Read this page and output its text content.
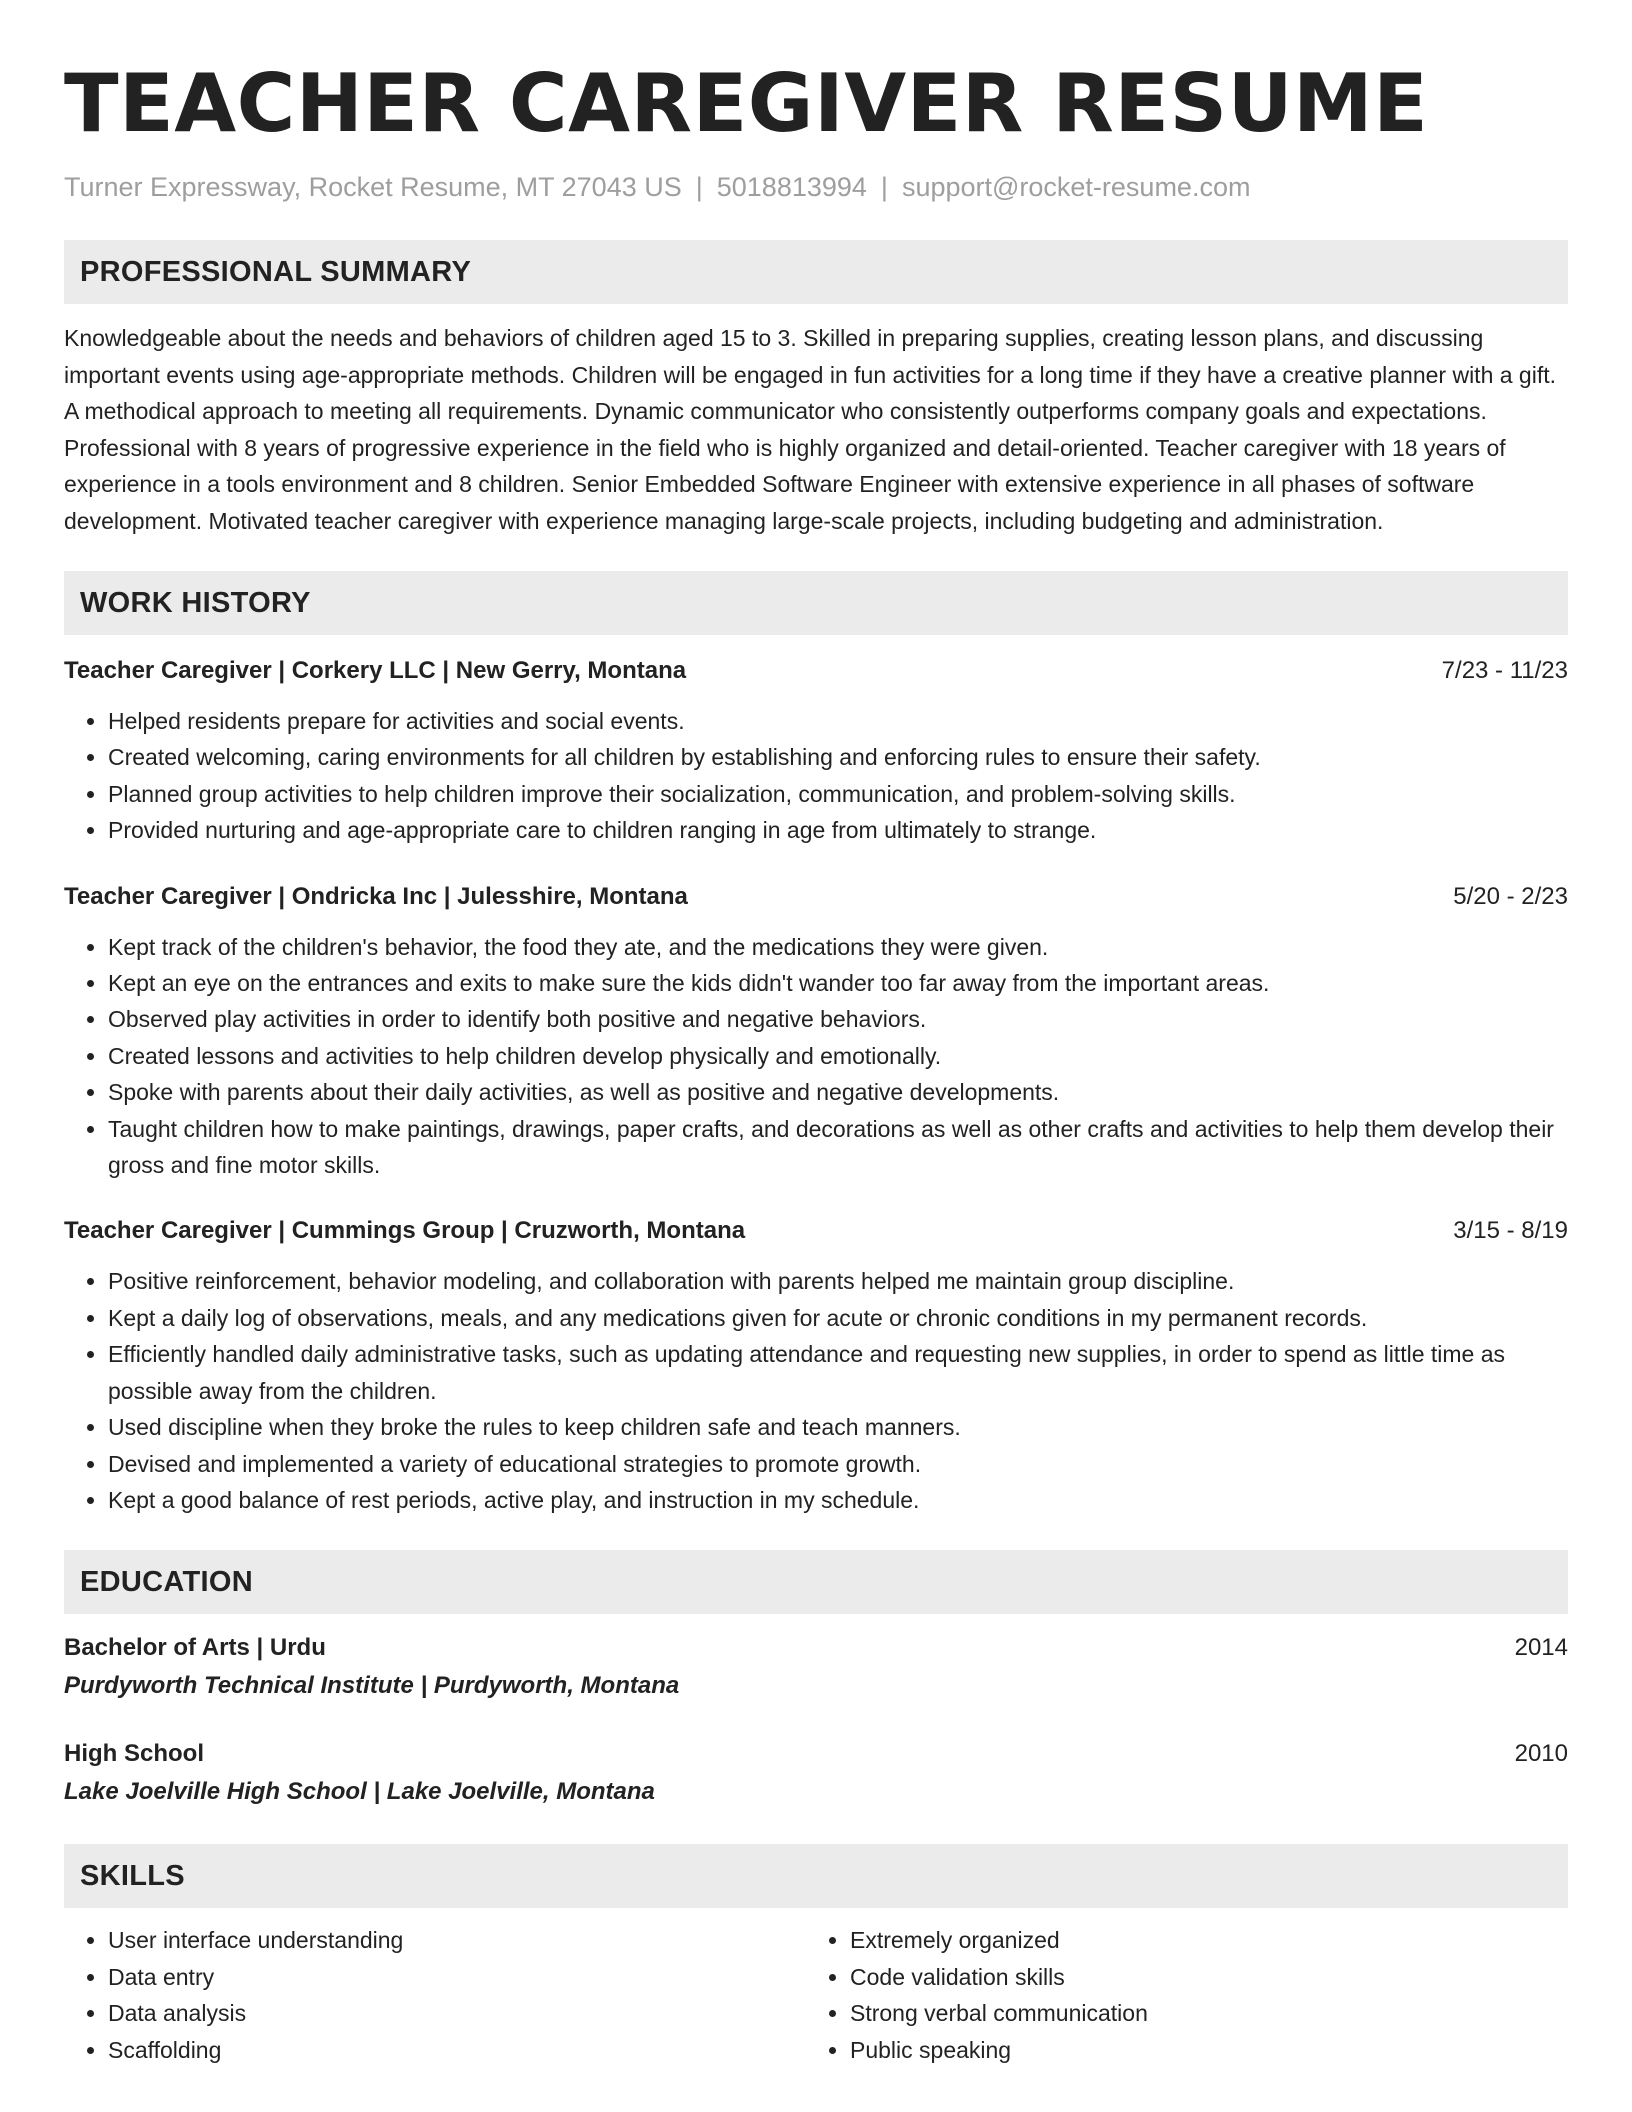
TEACHER CAREGIVER RESUME
Turner Expressway, Rocket Resume, MT 27043 US | 5018813994 | support@rocket-resume.com
PROFESSIONAL SUMMARY
Knowledgeable about the needs and behaviors of children aged 15 to 3. Skilled in preparing supplies, creating lesson plans, and discussing important events using age-appropriate methods. Children will be engaged in fun activities for a long time if they have a creative planner with a gift. A methodical approach to meeting all requirements. Dynamic communicator who consistently outperforms company goals and expectations. Professional with 8 years of progressive experience in the field who is highly organized and detail-oriented. Teacher caregiver with 18 years of experience in a tools environment and 8 children. Senior Embedded Software Engineer with extensive experience in all phases of software development. Motivated teacher caregiver with experience managing large-scale projects, including budgeting and administration.
WORK HISTORY
Teacher Caregiver | Corkery LLC | New Gerry, Montana	7/23 - 11/23
• Helped residents prepare for activities and social events.
• Created welcoming, caring environments for all children by establishing and enforcing rules to ensure their safety.
• Planned group activities to help children improve their socialization, communication, and problem-solving skills.
• Provided nurturing and age-appropriate care to children ranging in age from ultimately to strange.
Teacher Caregiver | Ondricka Inc | Julesshire, Montana	5/20 - 2/23
• Kept track of the children's behavior, the food they ate, and the medications they were given.
• Kept an eye on the entrances and exits to make sure the kids didn't wander too far away from the important areas.
• Observed play activities in order to identify both positive and negative behaviors.
• Created lessons and activities to help children develop physically and emotionally.
• Spoke with parents about their daily activities, as well as positive and negative developments.
• Taught children how to make paintings, drawings, paper crafts, and decorations as well as other crafts and activities to help them develop their gross and fine motor skills.
Teacher Caregiver | Cummings Group | Cruzworth, Montana	3/15 - 8/19
• Positive reinforcement, behavior modeling, and collaboration with parents helped me maintain group discipline.
• Kept a daily log of observations, meals, and any medications given for acute or chronic conditions in my permanent records.
• Efficiently handled daily administrative tasks, such as updating attendance and requesting new supplies, in order to spend as little time as possible away from the children.
• Used discipline when they broke the rules to keep children safe and teach manners.
• Devised and implemented a variety of educational strategies to promote growth.
• Kept a good balance of rest periods, active play, and instruction in my schedule.
EDUCATION
Bachelor of Arts | Urdu	2014
Purdyworth Technical Institute | Purdyworth, Montana
High School	2010
Lake Joelville High School | Lake Joelville, Montana
SKILLS
• User interface understanding
• Data entry
• Data analysis
• Scaffolding
• Extremely organized
• Code validation skills
• Strong verbal communication
• Public speaking
